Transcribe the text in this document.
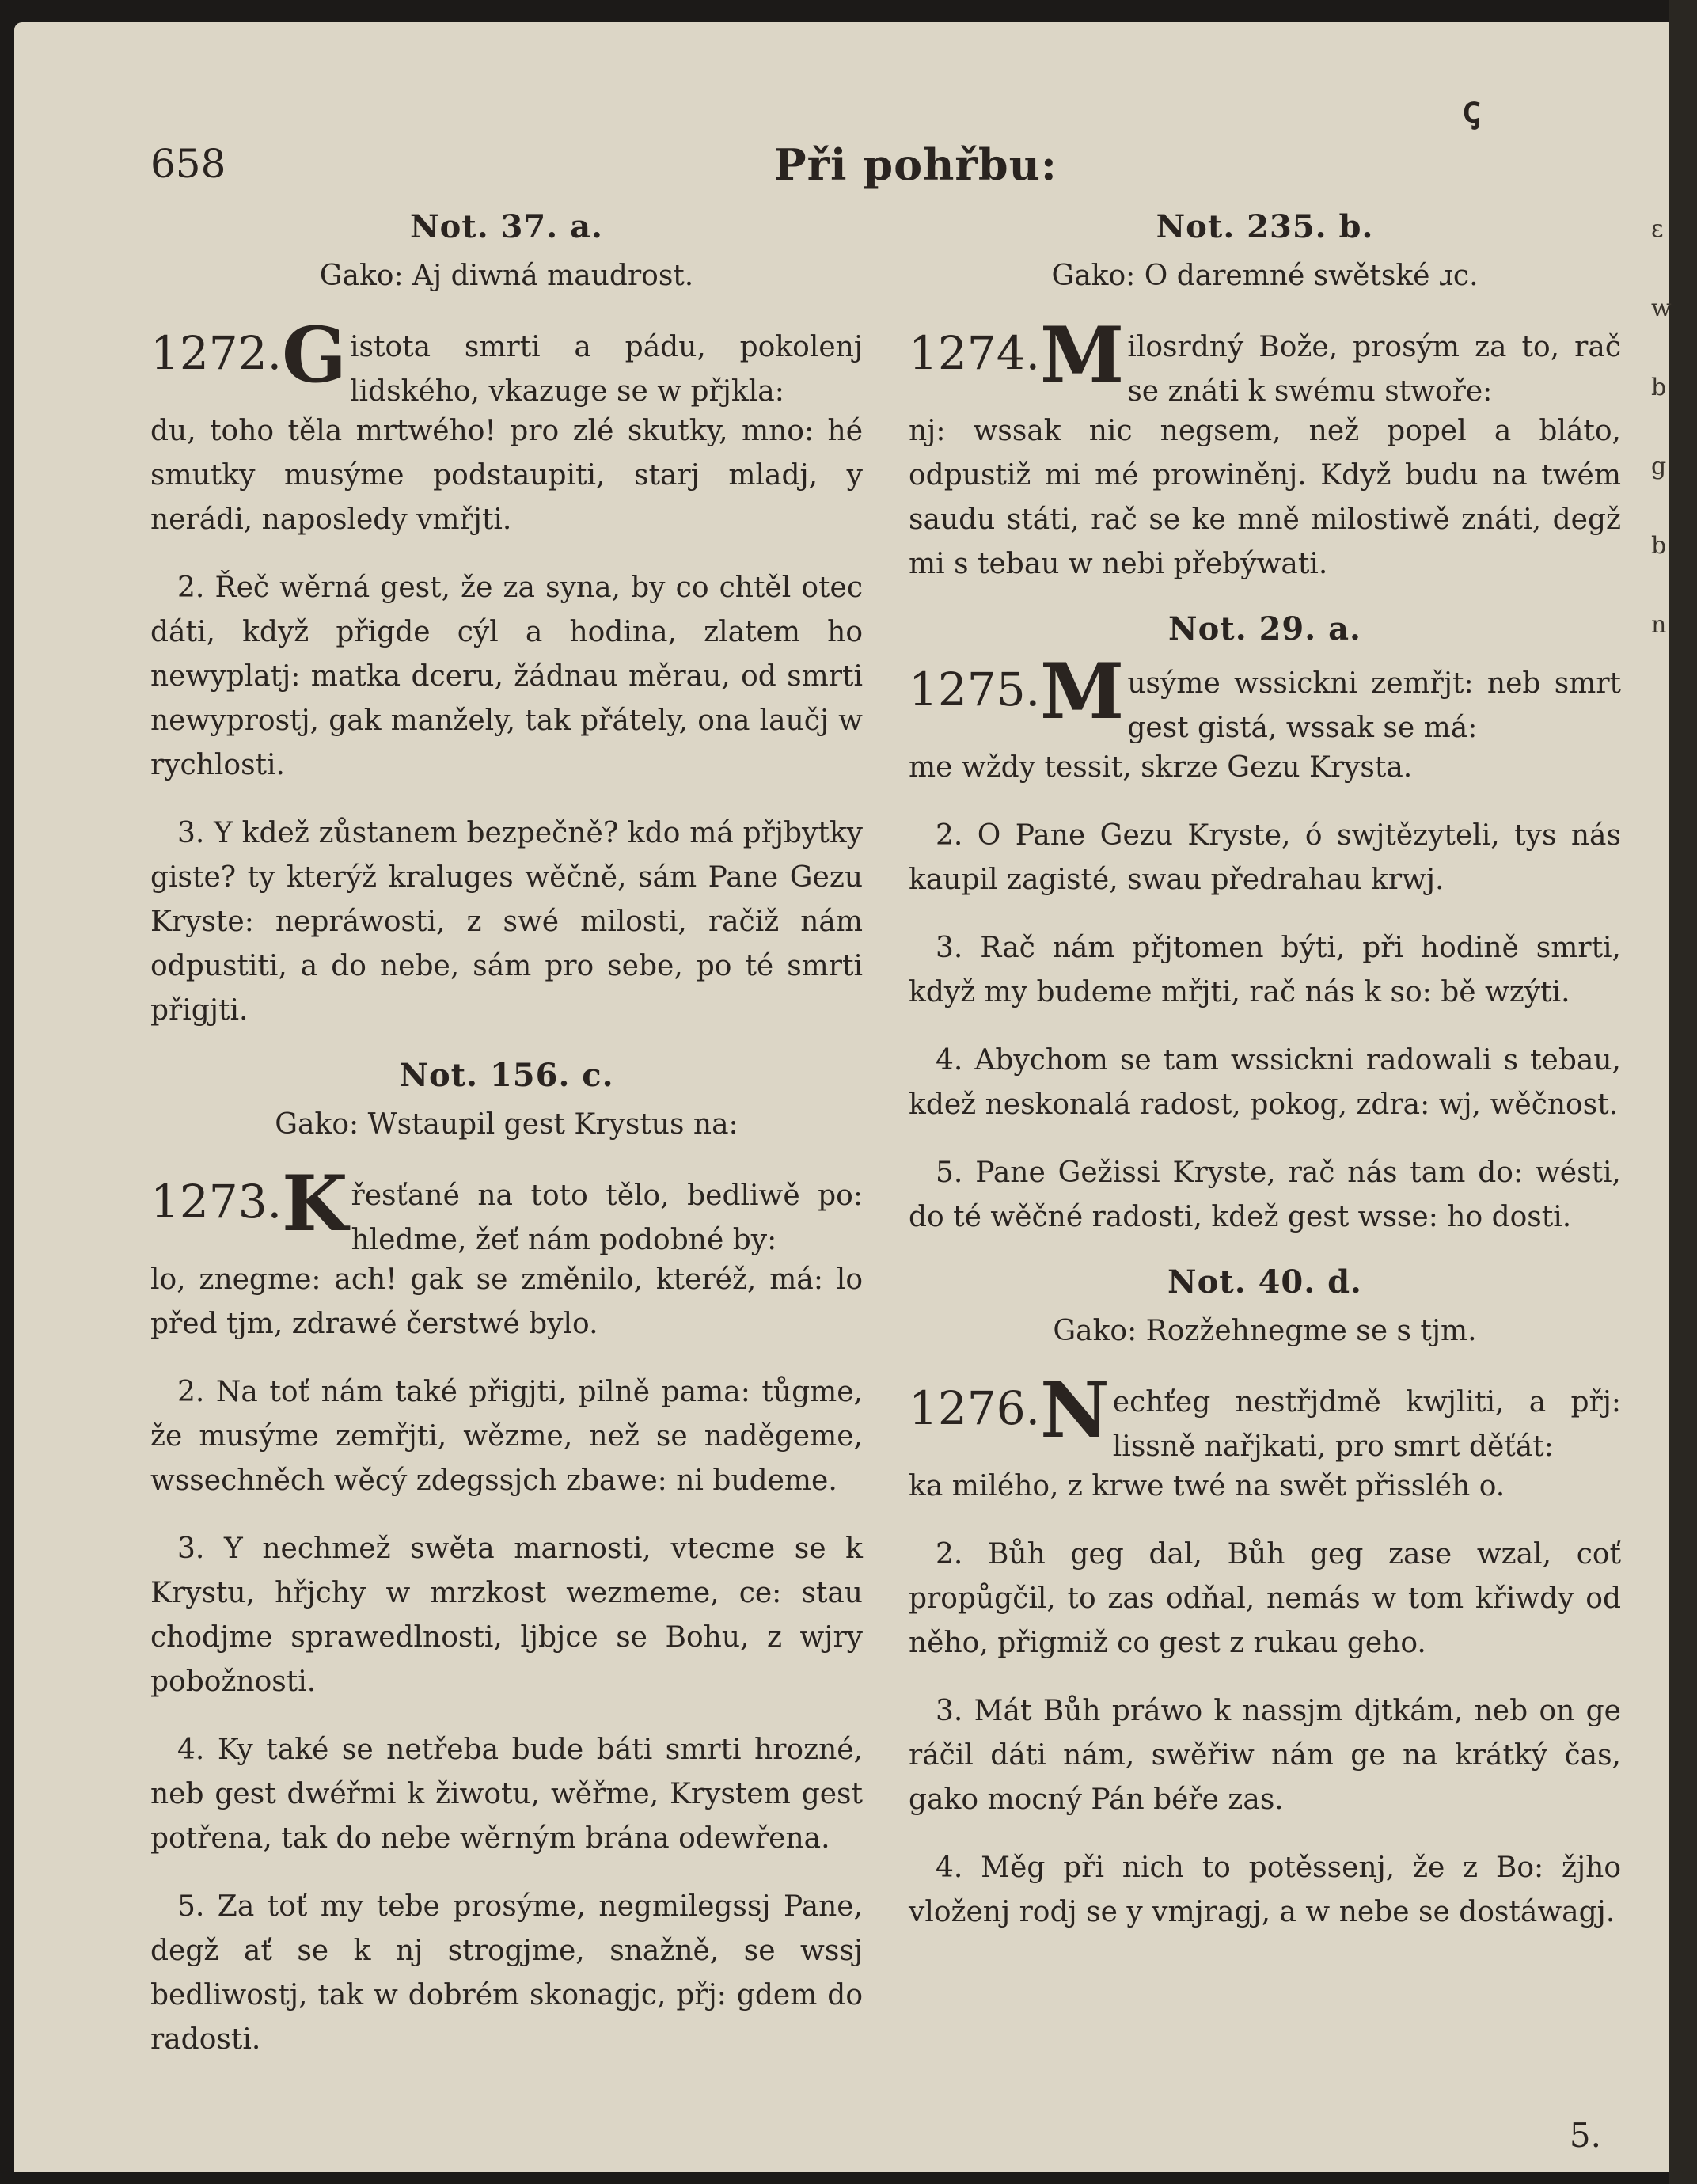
658	Při pohřbu:
ꞔ
Not. 37. a.
Gako: Aj diwná maudrost.
1272. G istota smrti a pádu, pokolenj lidského, vkazuge se w přjkla:
du, toho těla mrtwého! pro zlé skutky, mno: hé smutky musýme podstaupiti, starj mladj, y nerádi, naposledy vmřjti.
2. Řeč wěrná gest, že za syna, by co chtěl otec dáti, když přigde cýl a hodina, zlatem ho newyplatj: matka dceru, žádnau měrau, od smrti newyprostj, gak manžely, tak přátely, ona laučj w rychlosti.
3. Y kdež zůstanem bezpečně? kdo má přjbytky giste? ty kterýž kraluges wěčně, sám Pane Gezu Kryste: nepráwosti, z swé milosti, račiž nám odpustiti, a do nebe, sám pro sebe, po té smrti přigjti.
Not. 156. c.
Gako: Wstaupil gest Krystus na:
1273. K řesťané na toto tělo, bedliwě po: hledme, žeť nám podobné by:
lo, znegme: ach! gak se změnilo, kteréž, má: lo před tjm, zdrawé čerstwé bylo.
2. Na toť nám také přigjti, pilně pama: tůgme, že musýme zemřjti, wězme, než se naděgeme, wssechněch wěcý zdegssjch zbawe: ni budeme.
3. Y nechmež swěta marnosti, vtecme se k Krystu, hřjchy w mrzkost wezmeme, ce: stau chodjme sprawedlnosti, ljbjce se Bohu, z wjry pobožnosti.
4. Ky také se netřeba bude báti smrti hrozné, neb gest dwéřmi k žiwotu, wěřme, Krystem gest potřena, tak do nebe wěrným brána odewřena.
5. Za toť my tebe prosýme, negmilegssj Pane, degž ať se k nj strogjme, snažně, se wssj bedliwostj, tak w dobrém skonagjc, přj: gdem do radosti.
Not. 235. b.
Gako: O daremné swětské ɹc.
1274. M ilosrdný Bože, prosým za to, rač se znáti k swému stwoře:
nj: wssak nic negsem, než popel a bláto, odpustiž mi mé prowiněnj. Když budu na twém saudu státi, rač se ke mně milostiwě znáti, degž mi s tebau w nebi přebýwati.
Not. 29. a.
1275. M usýme wssickni zemřjt: neb smrt gest gistá, wssak se má:
me wždy tessit, skrze Gezu Krysta.
2. O Pane Gezu Kryste, ó swjtězyteli, tys nás kaupil zagisté, swau předrahau krwj.
3. Rač nám přjtomen býti, při hodině smrti, když my budeme mřjti, rač nás k so: bě wzýti.
4. Abychom se tam wssickni radowali s tebau, kdež neskonalá radost, pokog, zdra: wj, wěčnost.
5. Pane Gežissi Kryste, rač nás tam do: wésti, do té wěčné radosti, kdež gest wsse: ho dosti.
Not. 40. d.
Gako: Rozžehnegme se s tjm.
1276. N echťeg nestřjdmě kwjliti, a přj: lissně nařjkati, pro smrt děťát:
ka milého, z krwe twé na swět přissléh o.
2. Bůh geg dal, Bůh geg zase wzal, coť propůgčil, to zas odňal, nemás w tom křiwdy od něho, přigmiž co gest z rukau geho.
3. Mát Bůh práwo k nassjm djtkám, neb on ge ráčil dáti nám, swěřiw nám ge na krátký čas, gako mocný Pán béře zas.
4. Měg při nich to potěssenj, že z Bo: žjho vloženj rodj se y vmjragj, a w nebe se dostáwagj.
5.
ɛ
w
b
g
b
n
